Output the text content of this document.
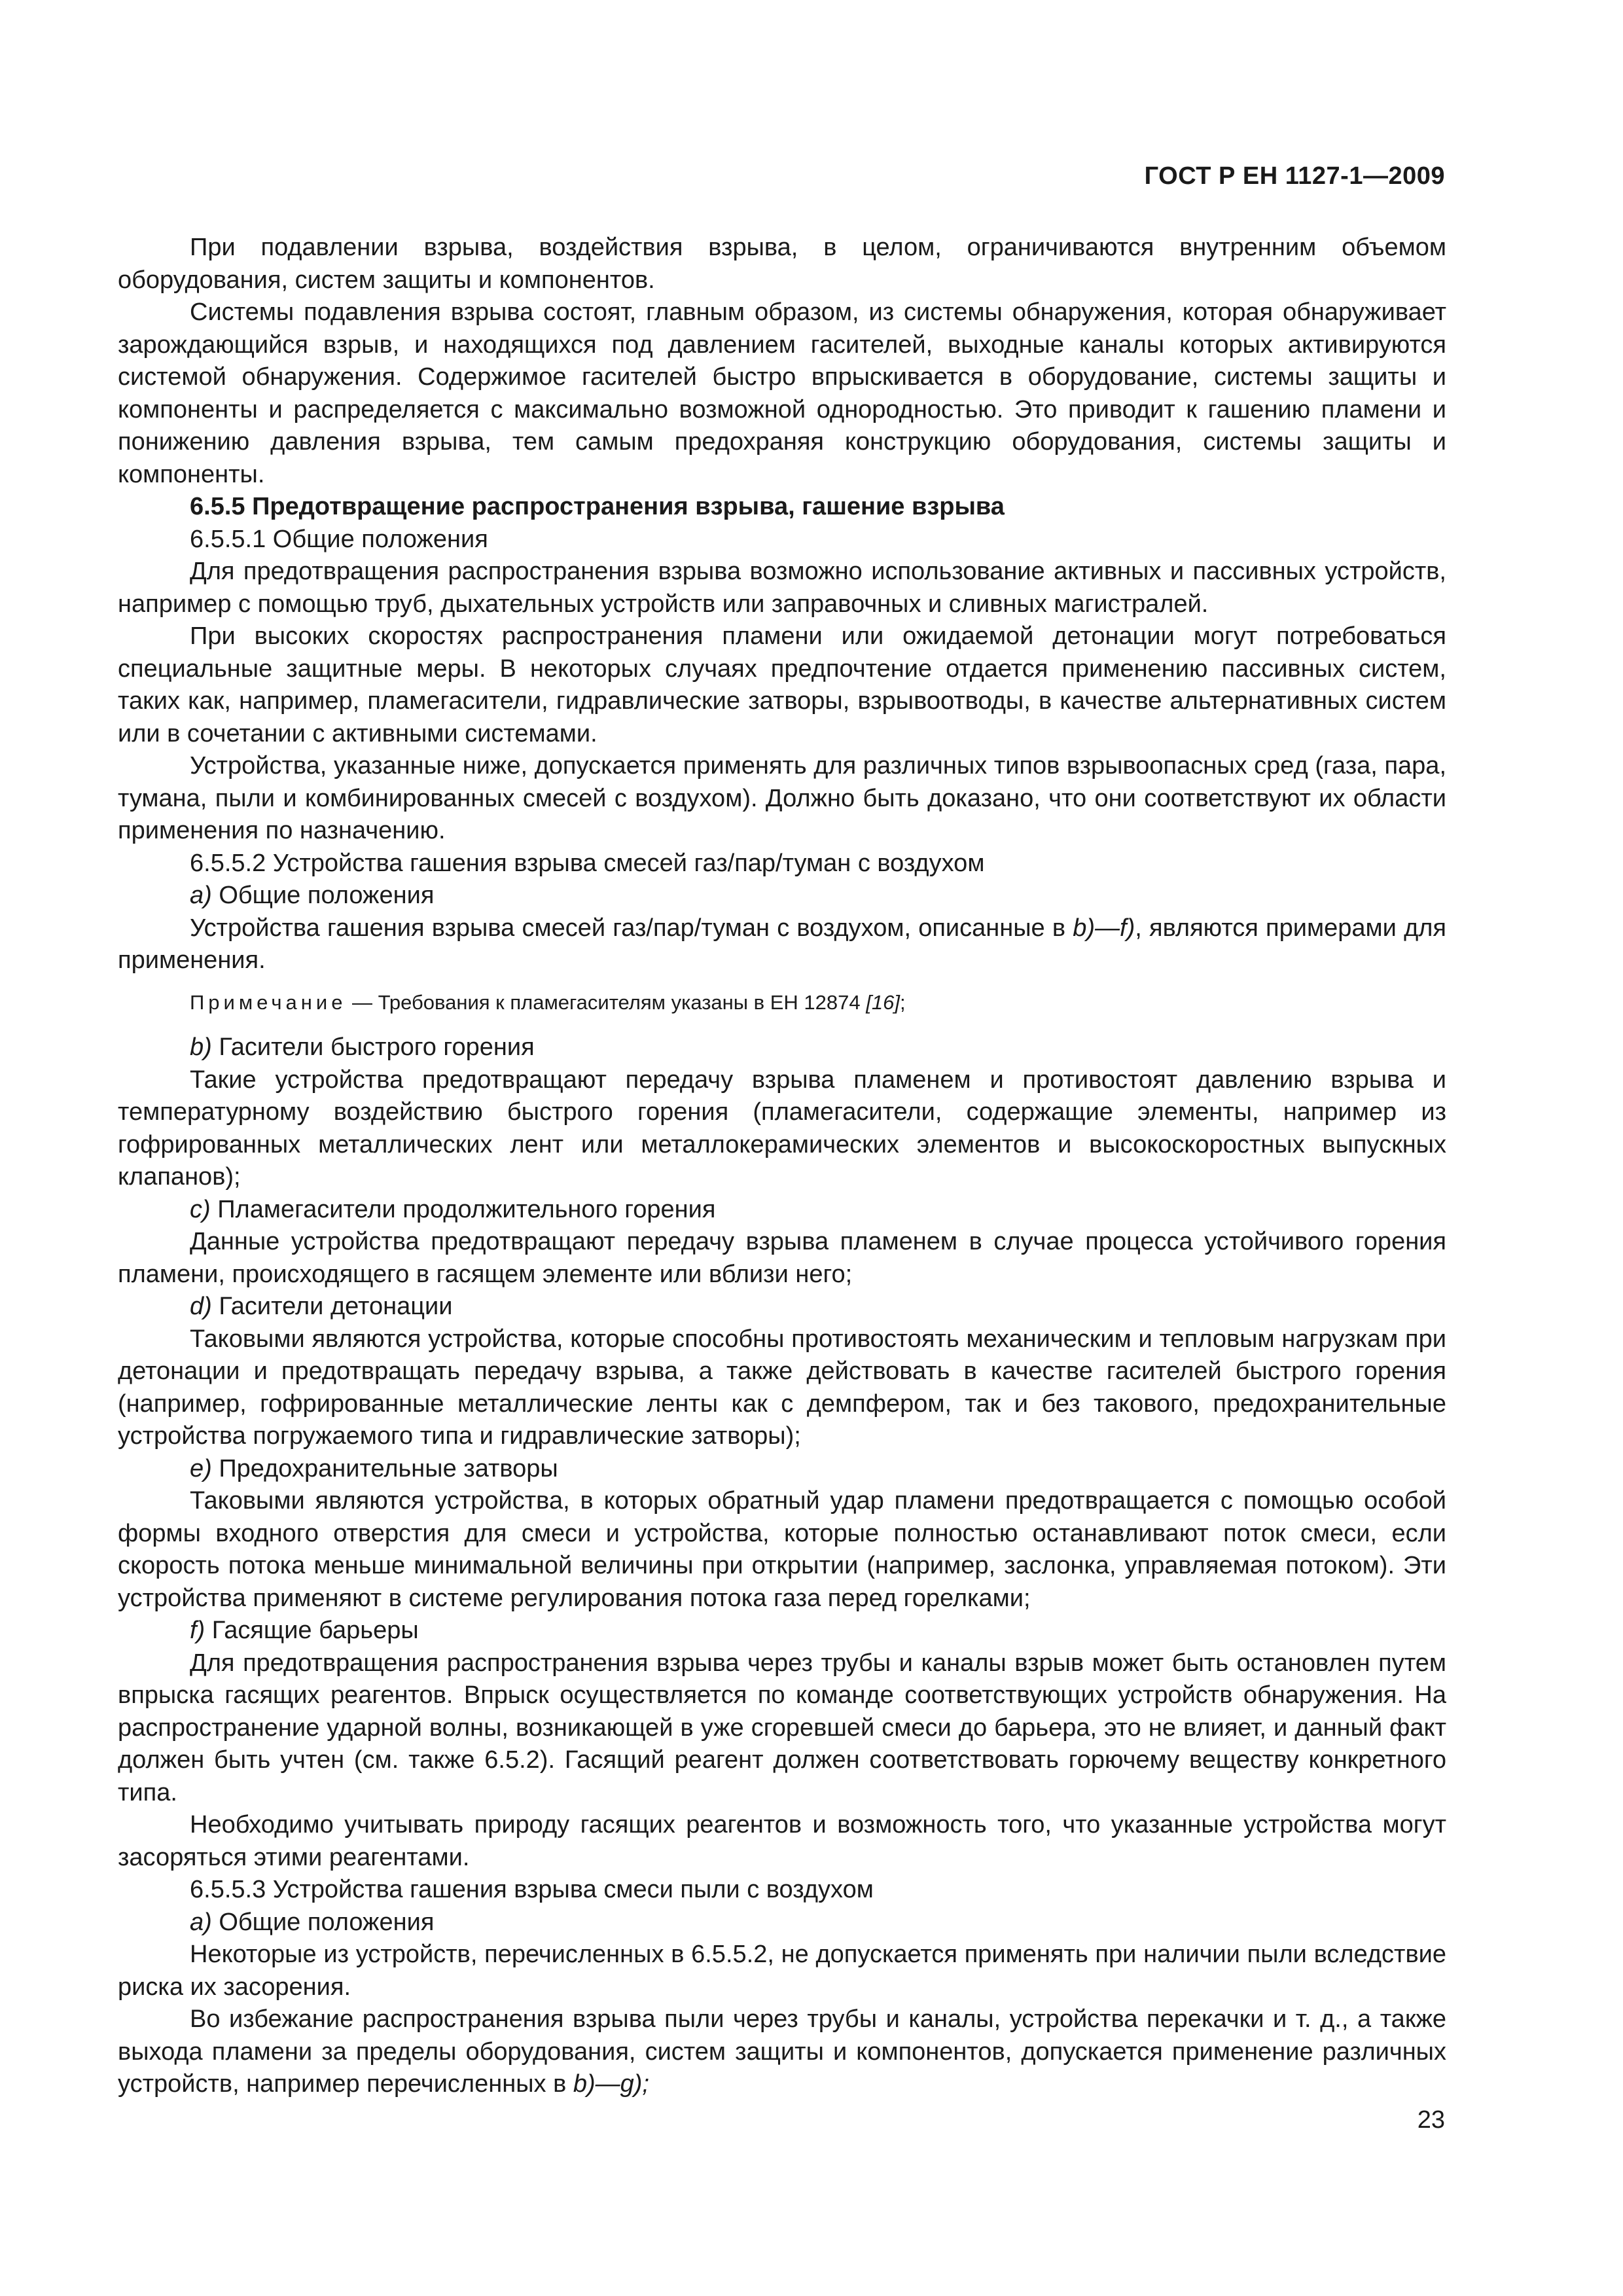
ГОСТ Р ЕН 1127-1—2009

При подавлении взрыва, воздействия взрыва, в целом, ограничиваются внутренним объемом оборудования, систем защиты и компонентов.

Системы подавления взрыва состоят, главным образом, из системы обнаружения, которая обнаруживает зарождающийся взрыв, и находящихся под давлением гасителей, выходные каналы которых активируются системой обнаружения. Содержимое гасителей быстро впрыскивается в оборудование, системы защиты и компоненты и распределяется с максимально возможной однородностью. Это приводит к гашению пламени и понижению давления взрыва, тем самым предохраняя конструкцию оборудования, системы защиты и компоненты.

6.5.5 Предотвращение распространения взрыва, гашение взрыва

6.5.5.1 Общие положения

Для предотвращения распространения взрыва возможно использование активных и пассивных устройств, например с помощью труб, дыхательных устройств или заправочных и сливных магистралей.

При высоких скоростях распространения пламени или ожидаемой детонации могут потребоваться специальные защитные меры. В некоторых случаях предпочтение отдается применению пассивных систем, таких как, например, пламегасители, гидравлические затворы, взрывоотводы, в качестве альтернативных систем или в сочетании с активными системами.

Устройства, указанные ниже, допускается применять для различных типов взрывоопасных сред (газа, пара, тумана, пыли и комбинированных смесей с воздухом). Должно быть доказано, что они соответствуют их области применения по назначению.

6.5.5.2 Устройства гашения взрыва смесей газ/пар/туман с воздухом

a) Общие положения

Устройства гашения взрыва смесей газ/пар/туман с воздухом, описанные в b)—f), являются примерами для применения.

Примечание — Требования к пламегасителям указаны в ЕН 12874 [16];

b) Гасители быстрого горения

Такие устройства предотвращают передачу взрыва пламенем и противостоят давлению взрыва и температурному воздействию быстрого горения (пламегасители, содержащие элементы, например из гофрированных металлических лент или металлокерамических элементов и высокоскоростных выпускных клапанов);

c) Пламегасители продолжительного горения

Данные устройства предотвращают передачу взрыва пламенем в случае процесса устойчивого горения пламени, происходящего в гасящем элементе или вблизи него;

d) Гасители детонации

Таковыми являются устройства, которые способны противостоять механическим и тепловым нагрузкам при детонации и предотвращать передачу взрыва, а также действовать в качестве гасителей быстрого горения (например, гофрированные металлические ленты как с демпфером, так и без такового, предохранительные устройства погружаемого типа и гидравлические затворы);

e) Предохранительные затворы

Таковыми являются устройства, в которых обратный удар пламени предотвращается с помощью особой формы входного отверстия для смеси и устройства, которые полностью останавливают поток смеси, если скорость потока меньше минимальной величины при открытии (например, заслонка, управляемая потоком). Эти устройства применяют в системе регулирования потока газа перед горелками;

f) Гасящие барьеры

Для предотвращения распространения взрыва через трубы и каналы взрыв может быть остановлен путем впрыска гасящих реагентов. Впрыск осуществляется по команде соответствующих устройств обнаружения. На распространение ударной волны, возникающей в уже сгоревшей смеси до барьера, это не влияет, и данный факт должен быть учтен (см. также 6.5.2). Гасящий реагент должен соответствовать горючему веществу конкретного типа.

Необходимо учитывать природу гасящих реагентов и возможность того, что указанные устройства могут засоряться этими реагентами.

6.5.5.3 Устройства гашения взрыва смеси пыли с воздухом

a) Общие положения

Некоторые из устройств, перечисленных в 6.5.5.2, не допускается применять при наличии пыли вследствие риска их засорения.

Во избежание распространения взрыва пыли через трубы и каналы, устройства перекачки и т. д., а также выхода пламени за пределы оборудования, систем защиты и компонентов, допускается применение различных устройств, например перечисленных в b)—g);

23
